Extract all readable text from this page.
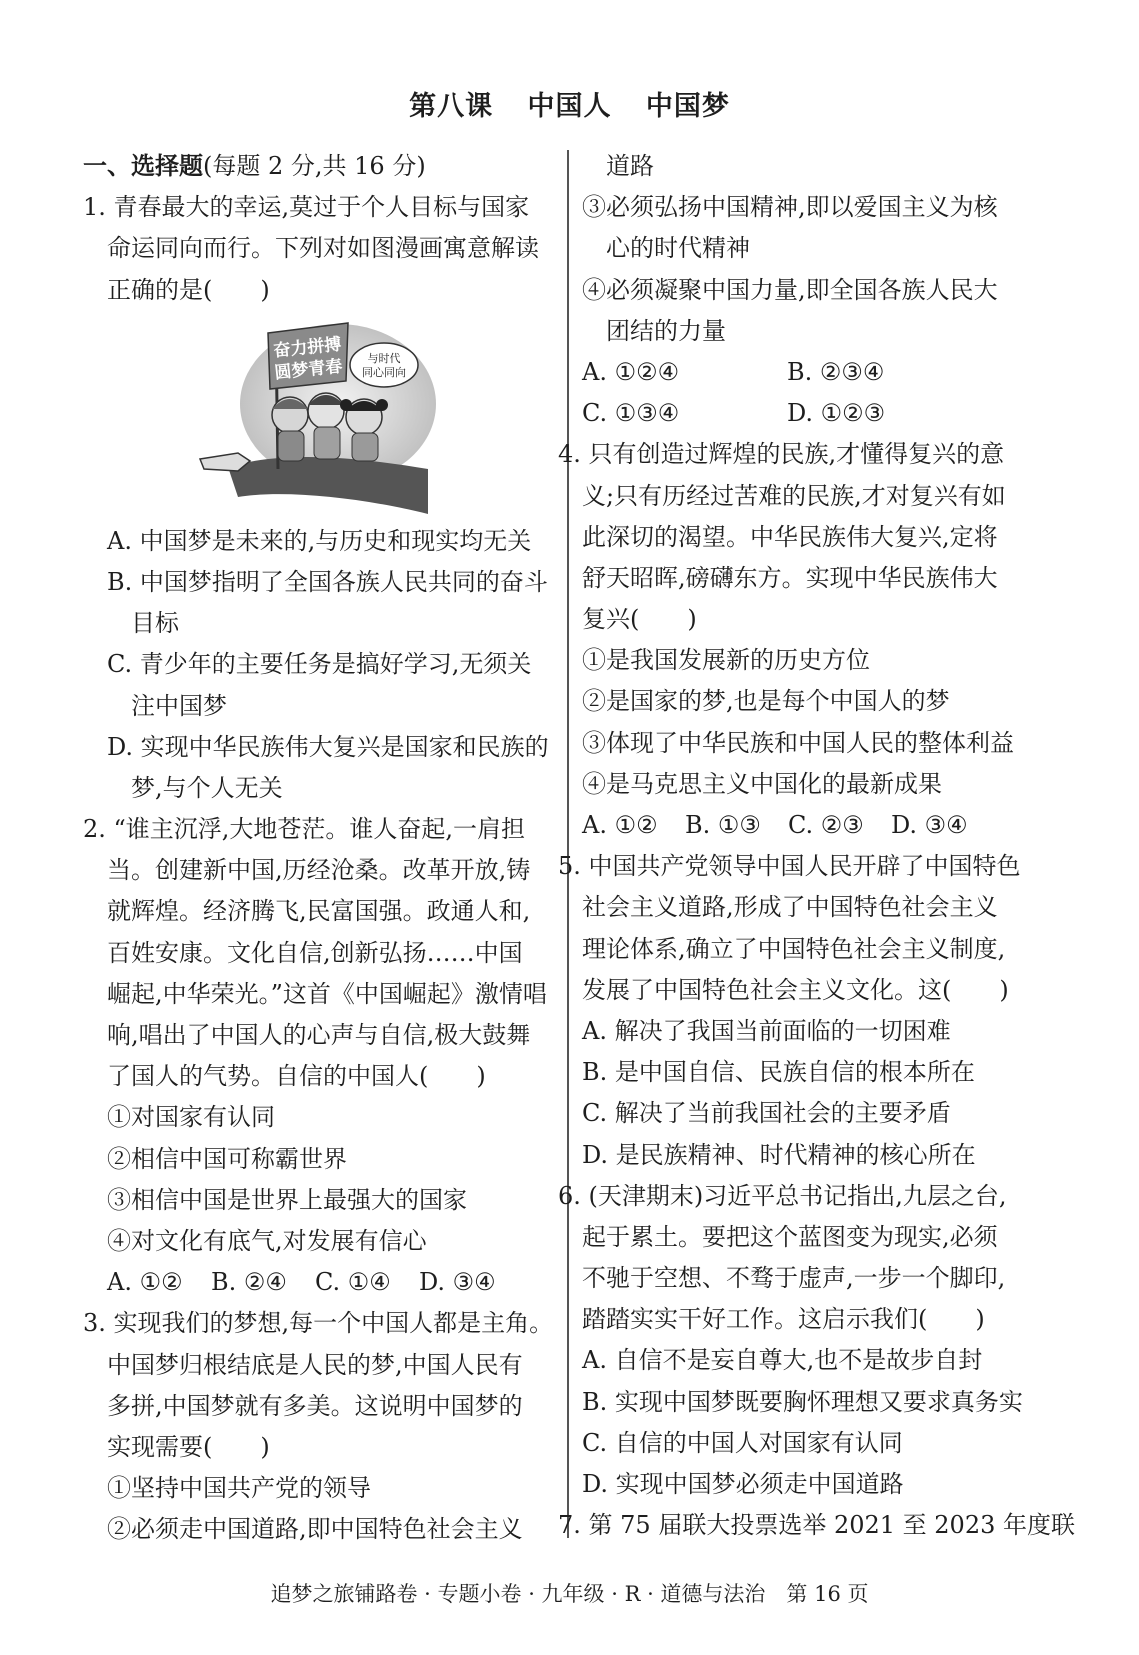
第八课 中国人 中国梦
一、选择题(每题 2 分,共 16 分)
1. 青春最大的幸运,莫过于个人目标与国家
命运同向而行。下列对如图漫画寓意解读
正确的是(　　)
奋力拼搏
圆梦青春 与时代
同心同向
A. 中国梦是未来的,与历史和现实均无关
B. 中国梦指明了全国各族人民共同的奋斗
目标
C. 青少年的主要任务是搞好学习,无须关
注中国梦
D. 实现中华民族伟大复兴是国家和民族的
梦,与个人无关
2. “谁主沉浮,大地苍茫。谁人奋起,一肩担
当。创建新中国,历经沧桑。改革开放,铸
就辉煌。经济腾飞,民富国强。政通人和,
百姓安康。文化自信,创新弘扬……中国
崛起,中华荣光。”这首《中国崛起》激情唱
响,唱出了中国人的心声与自信,极大鼓舞
了国人的气势。自信的中国人(　　)
①对国家有认同
②相信中国可称霸世界
③相信中国是世界上最强大的国家
④对文化有底气,对发展有信心
A. ①②	B. ②④	C. ①④	D. ③④
3. 实现我们的梦想,每一个中国人都是主角。
中国梦归根结底是人民的梦,中国人民有
多拼,中国梦就有多美。这说明中国梦的
实现需要(　　)
①坚持中国共产党的领导
②必须走中国道路,即中国特色社会主义
道路
③必须弘扬中国精神,即以爱国主义为核
心的时代精神
④必须凝聚中国力量,即全国各族人民大
团结的力量
A. ①②④	B. ②③④
C. ①③④	D. ①②③
4. 只有创造过辉煌的民族,才懂得复兴的意
义;只有历经过苦难的民族,才对复兴有如
此深切的渴望。中华民族伟大复兴,定将
舒天昭晖,磅礴东方。实现中华民族伟大
复兴(　　)
①是我国发展新的历史方位
②是国家的梦,也是每个中国人的梦
③体现了中华民族和中国人民的整体利益
④是马克思主义中国化的最新成果
A. ①②	B. ①③	C. ②③	D. ③④
5. 中国共产党领导中国人民开辟了中国特色
社会主义道路,形成了中国特色社会主义
理论体系,确立了中国特色社会主义制度,
发展了中国特色社会主义文化。这(　　)
A. 解决了我国当前面临的一切困难
B. 是中国自信、民族自信的根本所在
C. 解决了当前我国社会的主要矛盾
D. 是民族精神、时代精神的核心所在
6. (天津期末)习近平总书记指出,九层之台,
起于累土。要把这个蓝图变为现实,必须
不驰于空想、不骛于虚声,一步一个脚印,
踏踏实实干好工作。这启示我们(　　)
A. 自信不是妄自尊大,也不是故步自封
B. 实现中国梦既要胸怀理想又要求真务实
C. 自信的中国人对国家有认同
D. 实现中国梦必须走中国道路
7. 第 75 届联大投票选举 2021 至 2023 年度联
追梦之旅铺路卷 · 专题小卷 · 九年级 · R · 道德与法治　第 16 页
